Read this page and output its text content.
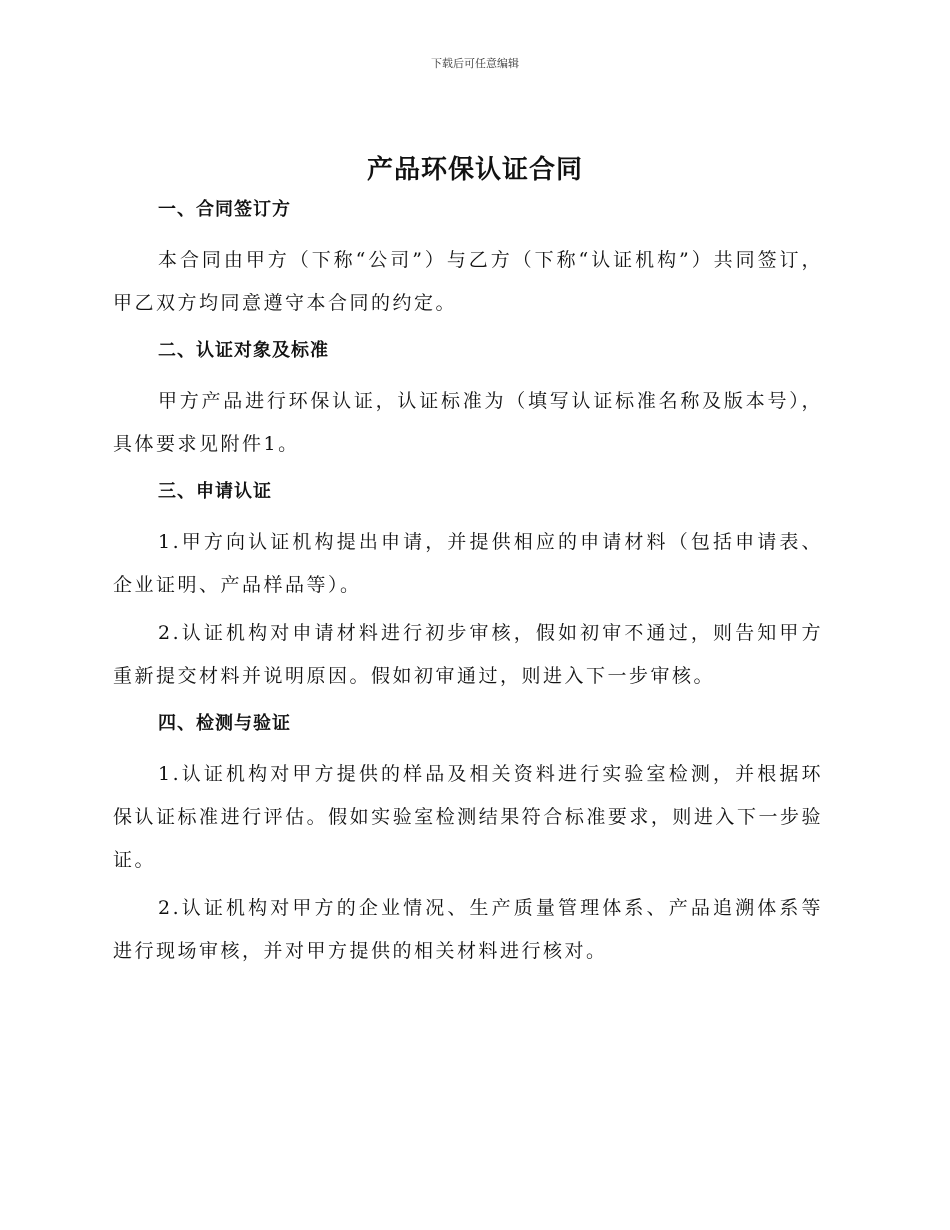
下载后可任意编辑
产品环保认证合同
一、合同签订方

本合同由甲方（下称“公司”）与乙方（下称“认证机构”）共同签订，甲乙双方均同意遵守本合同的约定。

二、认证对象及标准

甲方产品进行环保认证，认证标准为（填写认证标准名称及版本号），具体要求见附件1。

三、申请认证

1.甲方向认证机构提出申请，并提供相应的申请材料（包括申请表、企业证明、产品样品等）。

2.认证机构对申请材料进行初步审核，假如初审不通过，则告知甲方重新提交材料并说明原因。假如初审通过，则进入下一步审核。

四、检测与验证

1.认证机构对甲方提供的样品及相关资料进行实验室检测，并根据环保认证标准进行评估。假如实验室检测结果符合标准要求，则进入下一步验证。

2.认证机构对甲方的企业情况、生产质量管理体系、产品追溯体系等进行现场审核，并对甲方提供的相关材料进行核对。
